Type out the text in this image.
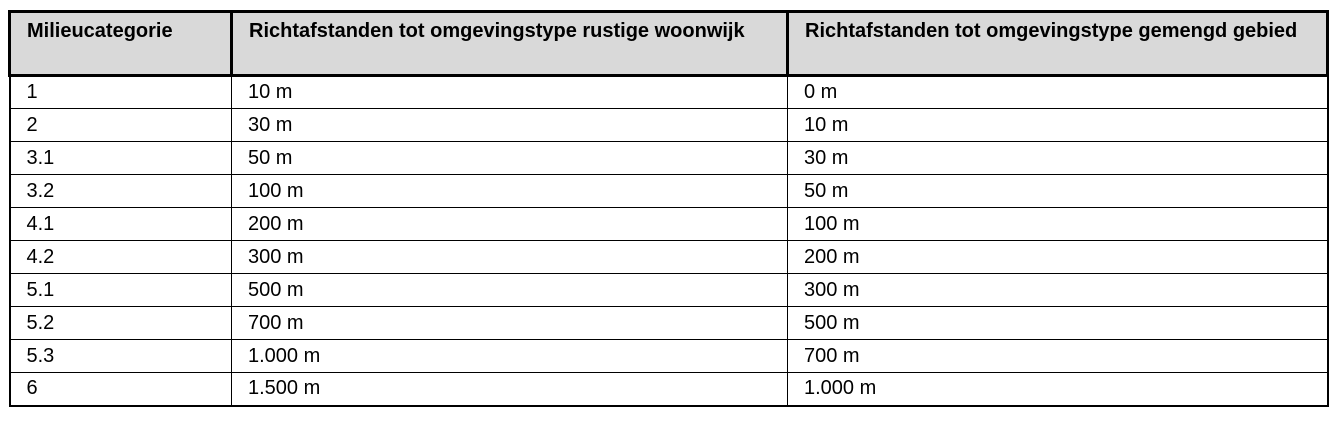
Milieucategorie	Richtafstanden tot omgevingstype rustige woonwijk	Richtafstanden tot omgevingstype gemengd gebied
1	10 m	0 m
2	30 m	10 m
3.1	50 m	30 m
3.2	100 m	50 m
4.1	200 m	100 m
4.2	300 m	200 m
5.1	500 m	300 m
5.2	700 m	500 m
5.3	1.000 m	700 m
6	1.500 m	1.000 m
